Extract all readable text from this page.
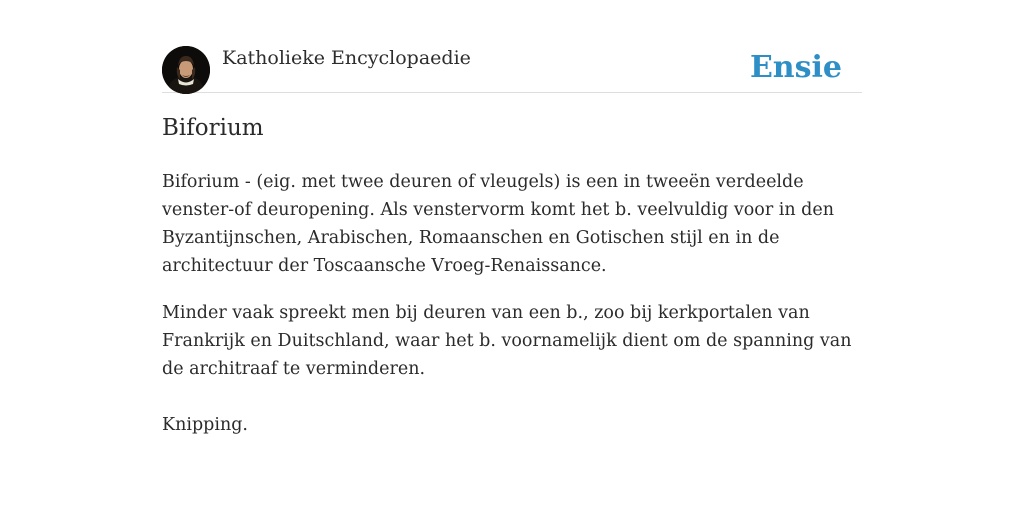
Katholieke Encyclopaedie	Ensie
Biforium

Biforium - (eig. met twee deuren of vleugels) is een in tweeën verdeelde venster-of deuropening. Als venstervorm komt het b. veelvuldig voor in den Byzantijnschen, Arabischen, Romaanschen en Gotischen stijl en in de architectuur der Toscaansche Vroeg-Renaissance.

Minder vaak spreekt men bij deuren van een b., zoo bij kerkportalen van Frankrijk en Duitschland, waar het b. voornamelijk dient om de spanning van de architraaf te verminderen.

Knipping.
